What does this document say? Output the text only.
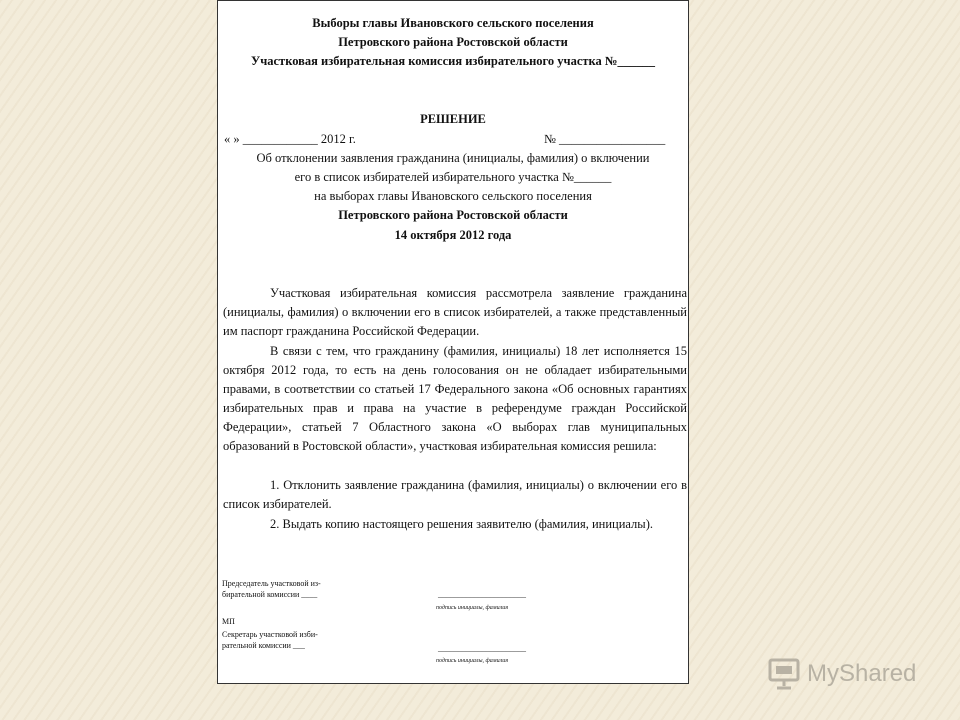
Выборы главы Ивановского сельского поселения
Петровского района Ростовской области
Участковая избирательная комиссия избирательного участка №______
РЕШЕНИЕ
« » ____________ 2012 г.	№ _________________
Об отклонении заявления гражданина (инициалы, фамилия) о включении
его в список избирателей избирательного участка №______
на выборах главы Ивановского сельского поселения
Петровского района Ростовской области
14 октября 2012 года

Участковая избирательная комиссия рассмотрела заявление гражданина (инициалы, фамилия) о включении его в список избирателей, а также представленный им паспорт гражданина Российской Федерации.

В связи с тем, что гражданину (фамилия, инициалы) 18 лет исполняется 15 октября 2012 года, то есть на день голосования он не обладает избирательными правами, в соответствии со статьей 17 Федерального закона «Об основных гарантиях избирательных прав и права на участие в референдуме граждан Российской Федерации», статьей 7 Областного закона «О выборах глав муниципальных образований в Ростовской области», участковая избирательная комиссия решила:

1. Отклонить заявление гражданина (фамилия, инициалы) о включении его в список избирателей.

2. Выдать копию настоящего решения заявителю (фамилия, инициалы).

Председатель участковой из-
бирательной комиссии ____	______________________
подпись инициалы, фамилия
МП
Секретарь участковой изби-
рательной комиссии ___	______________________
подпись инициалы, фамилия	MyShared
